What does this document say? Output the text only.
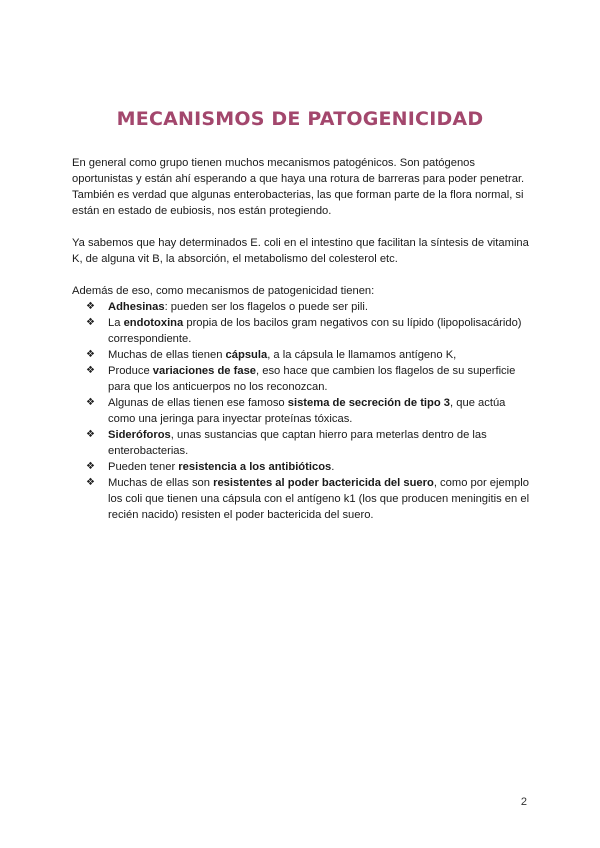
MECANISMOS DE PATOGENICIDAD

En general como grupo tienen muchos mecanismos patogénicos. Son patógenos oportunistas y están ahí esperando a que haya una rotura de barreras para poder penetrar. También es verdad que algunas enterobacterias, las que forman parte de la flora normal, si están en estado de eubiosis, nos están protegiendo.

Ya sabemos que hay determinados E. coli en el intestino que facilitan la síntesis de vitamina K, de alguna vit B, la absorción, el metabolismo del colesterol etc.

Además de eso, como mecanismos de patogenicidad tienen:

❖ Adhesinas: pueden ser los flagelos o puede ser pili.
❖ La endotoxina propia de los bacilos gram negativos con su lípido (lipopolisacárido) correspondiente.
❖ Muchas de ellas tienen cápsula, a la cápsula le llamamos antígeno K,
❖ Produce variaciones de fase, eso hace que cambien los flagelos de su superficie para que los anticuerpos no los reconozcan.
❖ Algunas de ellas tienen ese famoso sistema de secreción de tipo 3, que actúa como una jeringa para inyectar proteínas tóxicas.
❖ Sideróforos, unas sustancias que captan hierro para meterlas dentro de las enterobacterias.
❖ Pueden tener resistencia a los antibióticos.
❖ Muchas de ellas son resistentes al poder bactericida del suero, como por ejemplo los coli que tienen una cápsula con el antígeno k1 (los que producen meningitis en el recién nacido) resisten el poder bactericida del suero.
2
